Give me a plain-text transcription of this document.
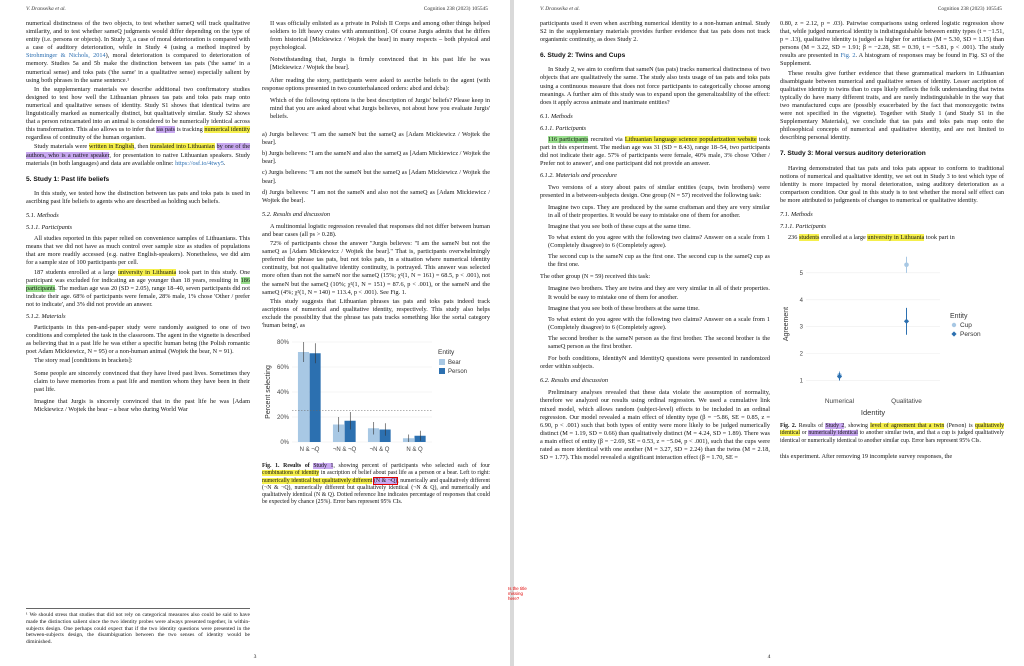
V. Dranseika et al.	Cognition 238 (2023) 105545

numerical distinctness of the two objects, to test whether sameQ will track qualitative similarity, and to test whether sameQ judgments would differ depending on the type of entity (i.e. persons or objects). In Study 3, a case of moral deterioration is compared with a case of auditory deterioration, while in Study 4 (using a method inspired by Strohminger & Nichols, 2014), moral deterioration is compared to deterioration of memory. Studies 5a and 5b make the distinction between tas pats ('the same' in a numerical sense) and toks pats ('the same' in a qualitative sense) especially salient by using both phrases in the same sentence.¹

In the supplementary materials we describe additional two confirmatory studies designed to test how well the Lithuanian phrases tas pats and toks pats map onto numerical and qualitative senses of identity. Study S1 shows that identical twins are linguistically marked as numerically distinct, but qualitatively similar. Study S2 shows that a person reincarnated into an animal is considered to be numerically identical across this transformation. This also allows us to infer that tas pats is tracking numerical identity regardless of continuity of the human organism.

Study materials were written in English, then translated into Lithuanian by one of the authors, who is a native speaker, for presentation to native Lithuanian speakers. Study materials (in both languages) and data are available online: https://osf.io/4twy5.

5. Study 1: Past life beliefs

In this study, we tested how the distinction between tas pats and toks pats is used in ascribing past life beliefs to agents who are described as holding such beliefs.

5.1. Methods
5.1.1. Participants

All studies reported in this paper relied on convenience samples of Lithuanians. This means that we did not have as much control over sample size as studies of populations that are more readily accessed (e.g. native English-speakers). Nonetheless, we did aim for a sample size of 100 participants per cell.

187 students enrolled at a large university in Lithuania took part in this study. One participant was excluded for indicating an age younger than 18 years, resulting in 186 participants. The median age was 20 (SD = 2.05), range 18–40, seven participants did not indicate their age. 68% of participants were female, 28% male, 1% chose 'Other / prefer not to indicate', and 3% did not provide an answer.

5.1.2. Materials

Participants in this pen-and-paper study were randomly assigned to one of two conditions and completed the task in the classroom. The agent in the vignette is described as believing that in a past life he was either a specific human being (the Polish romantic poet Adam Mickiewicz, N = 95) or a non-human animal (Wojtek the bear, N = 91).

The story read [conditions in brackets]:

Some people are sincerely convinced that they have lived past lives. Sometimes they claim to have memories from a past life and mention whom they have been in their past life.

Imagine that Jurgis is sincerely convinced that in the past life he was [Adam Mickiewicz / Wojtek the bear – a bear who during World War

¹ We should stress that studies that did not rely on categorical measures also could be said to have made the distinction salient since the two identity probes were always presented together, in within-subjects design. One perhaps could expect that if the two identity questions were presented in the between-subjects design, the disambiguation between the two senses of identity would be diminished.

II was officially enlisted as a private in Polish II Corps and among other things helped soldiers to lift heavy crates with ammunition]. Of course Jurgis admits that he differs from historical [Mickiewicz / Wojtek the bear] in many respects – both physical and psychological.

Notwithstanding that, Jurgis is firmly convinced that in his past life he was [Mickiewicz / Wojtek the bear].

After reading the story, participants were asked to ascribe beliefs to the agent (with response options presented in two counterbalanced orders: abcd and dcba):

Which of the following options is the best description of Jurgis' beliefs? Please keep in mind that you are asked about what Jurgis believes, not about how you evaluate Jurgis' beliefs.

a) Jurgis believes: "I am the sameN but the sameQ as [Adam Mickiewicz / Wojtek the bear].
b) Jurgis believes: "I am the sameN and also the sameQ as [Adam Mickiewicz / Wojtek the bear].
c) Jurgis believes: "I am not the sameN but the sameQ as [Adam Mickiewicz / Wojtek the bear].
d) Jurgis believes: "I am not the sameN and also not the sameQ as [Adam Mickiewicz / Wojtek the bear].
5.2. Results and discussion

A multinomial logistic regression revealed that responses did not differ between human and bear cases (all ps > 0.28).

72% of participants chose the answer "Jurgis believes: "I am the sameN but not the sameQ as [Adam Mickiewicz / Wojtek the bear]." That is, participants overwhelmingly preferred the phrase tas pats, but not toks pats, in a situation where numerical identity continuity, but not qualitative identity continuity, is portrayed. This answer was selected more often than not the sameN nor the sameQ (15%; χ²(1, N = 161) = 68.5, p < .001), not the sameN but the sameQ (10%; χ²(1, N = 151) = 87.6, p < .001), or the sameN and the sameQ (4%; χ²(1, N = 140) = 113.4, p < .001). See Fig. 1.

This study suggests that Lithuanian phrases tas pats and toks pats indeed track ascriptions of numerical and qualitative identity, respectively. This study also helps exclude the possibility that the phrase tas pats tracks something like the sortal category 'human being', as

0%
20%
40%
60%
80%
Percent selecting
N & ¬Q ¬N & ¬Q ¬N & Q	N & Q
Entity
Bear
Person
Fig. 1. Results of Study 1, showing percent of participants who selected each of four combinations of identity in ascription of belief about past life as a person or a bear. Left to right: numerically identical but qualitatively different (N & ¬Q), numerically and qualitatively different (¬N & ¬Q), numerically different but qualitatively identical (¬N & Q), and numerically and qualitatively identical (N & Q). Dotted reference line indicates percentage of responses that could be expected by chance (25%). Error bars represent 95% CIs.
3
V. Dranseika et al.	Cognition 238 (2023) 105545

participants used it even when ascribing numerical identity to a non-human animal. Study S2 in the supplementary materials provides further evidence that tas pats does not track organismic continuity, as does Study 2.

6. Study 2: Twins and Cups

In Study 2, we aim to confirm that sameN (tas pats) tracks numerical distinctness of two objects that are qualitatively the same. The study also tests usage of tas pats and toks pats using a continuous measure that does not force participants to categorically choose among meanings. A further aim of this study was to expand upon the generalizability of the effect: does it apply across animate and inanimate entities?

6.1. Methods
6.1.1. Participants

116 participants recruited via Lithuanian language science popularization website took part in this experiment. The median age was 31 (SD = 8.43), range 18–54, two participants did not indicate their age. 57% of participants were female, 40% male, 3% chose 'Other / Prefer not to answer', and one participant did not provide an answer.

6.1.2. Materials and procedure

Two versions of a story about pairs of similar entities (cups, twin brothers) were presented in a between-subjects design. One group (N = 57) received the following task:

Imagine two cups. They are produced by the same craftsman and they are very similar in all of their properties. It would be easy to mistake one of them for another.

Imagine that you see both of these cups at the same time.

To what extent do you agree with the following two claims? Answer on a scale from 1 (Completely disagree) to 6 (Completely agree).

The second cup is the sameN cup as the first one. The second cup is the sameQ cup as the first one.

The other group (N = 59) received this task:

Imagine two brothers. They are twins and they are very similar in all of their properties. It would be easy to mistake one of them for another.

Imagine that you see both of these brothers at the same time.

To what extent do you agree with the following two claims? Answer on a scale from 1 (Completely disagree) to 6 (Completely agree).

The second brother is the sameN person as the first brother. The second brother is the sameQ person as the first brother.

For both conditions, IdentityN and IdentityQ questions were presented in randomized order within subjects.

6.2. Results and discussion

Preliminary analyses revealed that these data violate the assumption of normality, therefore we analyzed our results using ordinal regression. We used a cumulative link mixed model, which allows random (subject-level) effects to be included in an ordinal regression. Our model revealed a main effect of identity type (β = −5.86, SE = 0.85, z = 6.90, p < .001) such that both types of entity were more likely to be judged numerically distinct (M = 1.19, SD = 0.66) than qualitatively distinct (M = 4.24, SD = 1.89). There was a main effect of entity (β = −2.69, SE = 0.53, z = −5.04, p < .001), such that the cups were rated as more identical with one another (M = 3.27, SD = 2.24) than the twins (M = 2.18, SD = 1.77). This model revealed a significant interaction effect (β = 1.70, SE =

0.80, z = 2.12, p = .03). Pairwise comparisons using ordered logistic regression show that, while judged numerical identity is indistinguishable between entity types (t = −1.51, p = .13), qualitative identity is judged as higher for artifacts (M = 5.30, SD = 1.15) than persons (M = 3.22, SD = 1.91; β = −2.28, SE = 0.39, t = −5.81, p < .001). The study results are presented in Fig. 2. A histogram of responses may be found in Fig. S3 of the Supplement.

These results give further evidence that these grammatical markers in Lithuanian disambiguate between numerical and qualitative senses of identity. Lesser ascription of qualitative identity to twins than to cups likely reflects the folk understanding that twins typically do have many different traits, and are rarely indistinguishable in the way that two manufactured cups are (possibly exacerbated by the fact that monozygotic twins were not specified in the vignette). Together with Study 1 (and Study S1 in the Supplementary Materials), we conclude that tas pats and toks pats map onto the philosophical concepts of numerical and qualitative identity, and are not limited to describing personal identity.

7. Study 3: Moral versus auditory deterioration

Having demonstrated that tas pats and toks pats appear to conform to traditional notions of numerical and qualitative identity, we set out in Study 3 to test which type of identity is more impacted by moral deterioration, using auditory deterioration as a comparison condition. Our goal in this study is to test whether the moral self effect can be more attributed to judgments of changes to numerical or qualitative identity.

7.1. Methods
7.1.1. Participants

236 students enrolled at a large university in Lithuania took part in

1
2
3
4
5
Agreement
Numerical	Qualitative
Identity
Entity
Cup
Person
Fig. 2. Results of Study 2, showing level of agreement that a twin (Person) is qualitatively identical or numerically identical to another similar twin, and that a cup is judged qualitatively identical or numerically identical to another similar cup. Error bars represent 95% CIs.

this experiment. After removing 19 incomplete survey responses, the

4
Is the title missing here?
